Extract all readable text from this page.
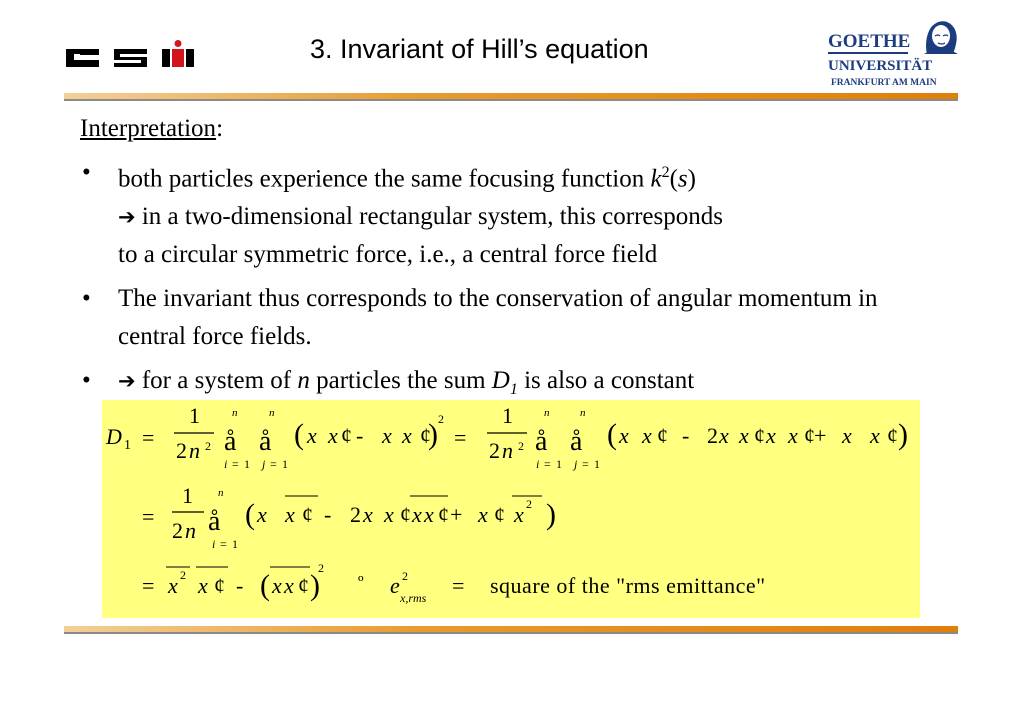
3. Invariant of Hill’s equation	GOETHE
UNIVERSITÄT
FRANKFURT AM MAIN
Interpretation:
• both particles experience the same focusing function $k^2(s)$
➔ in a two-dimensional rectangular system, this corresponds
to a circular symmetric force, i.e., a central force field
• The invariant thus corresponds to the conservation of angular momentum in central force fields.
• ➔ for a system of n particles the sum $D_1$ is also a constant
D 1 =
1
2 n 2 å
n
i = 1
å
n
j = 1
( x x ¢ - x x ¢
) 2
=
1
2 n 2 å
n
i = 1
å
n
j = 1
( x x ¢ - 2 x x ¢ x x ¢ + x x ¢ )
=
1
2 n å
n
i = 1
( x x ¢ - 2 x x ¢ x x ¢ + x ¢ x 2 )
= x 2 x ¢ - ( x x ¢ )
2
º e 2
x,rms = square of the "rms emittance"
